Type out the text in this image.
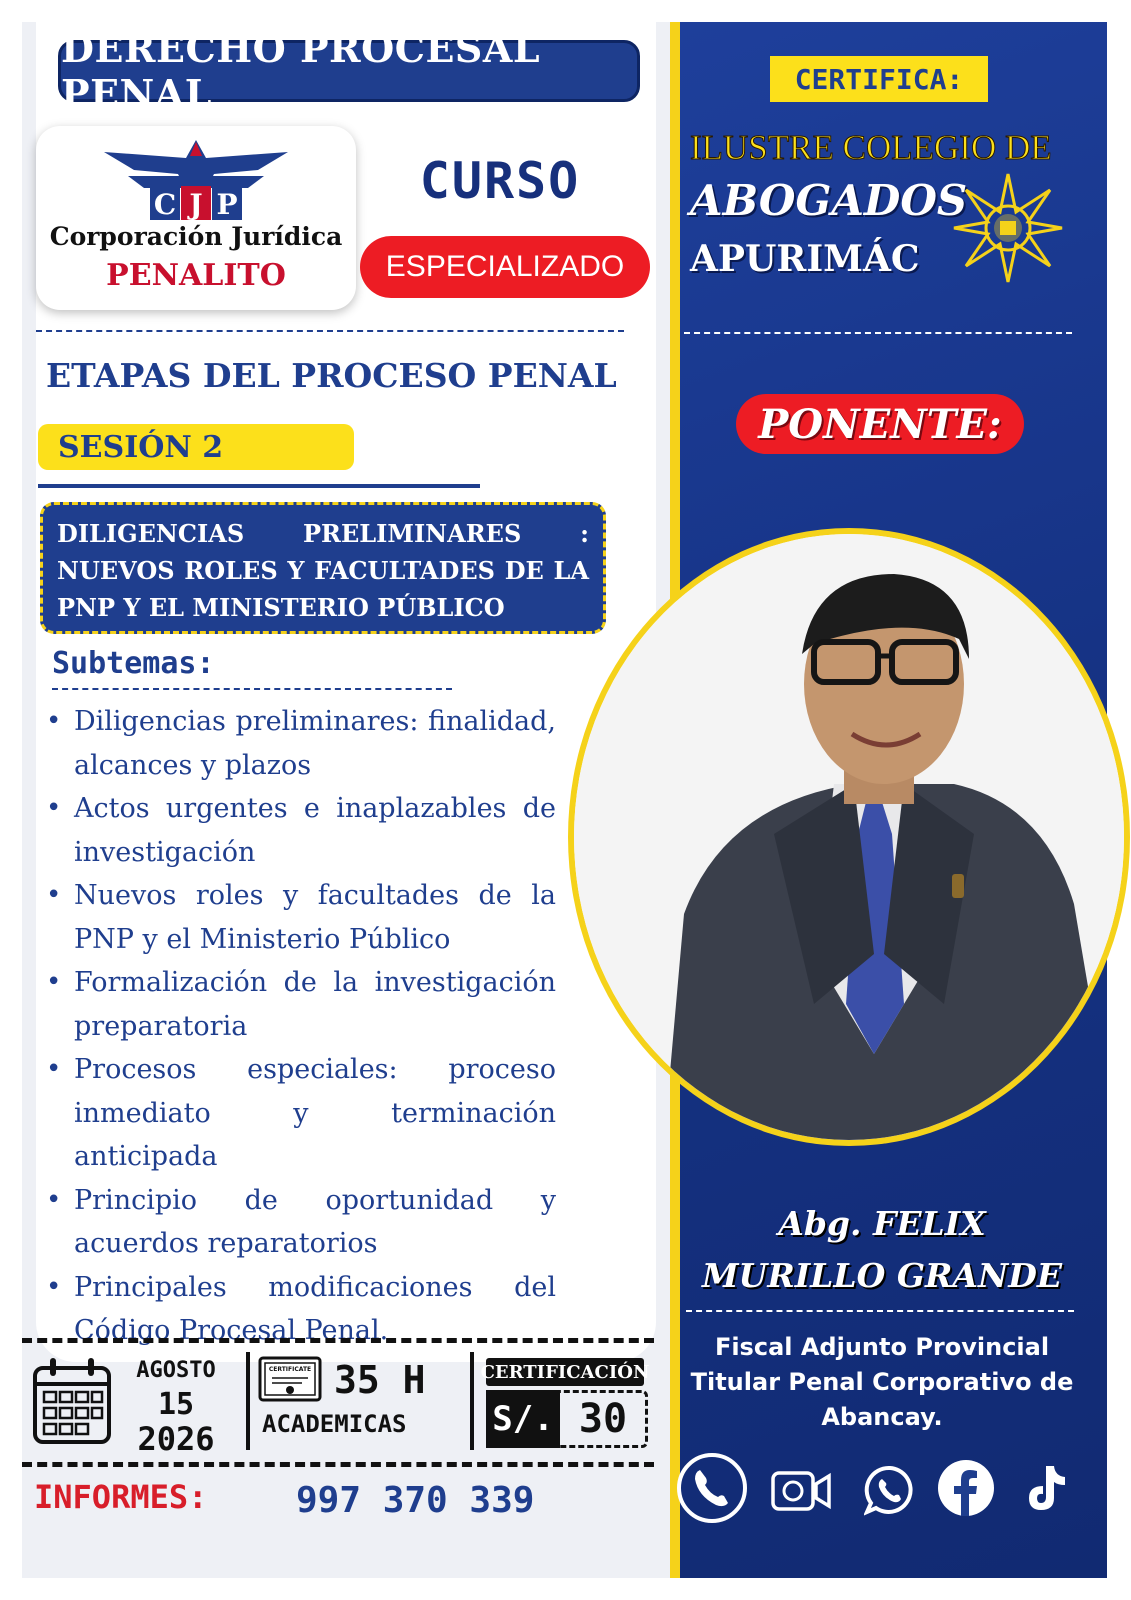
DERECHO PROCESAL PENAL
C J P
Corporación Jurídica
PENALITO
CURSO
ESPECIALIZADO
ETAPAS DEL PROCESO PENAL
SESIÓN 2
DILIGENCIAS PRELIMINARES : NUEVOS ROLES Y FACULTADES DE LA PNP Y EL MINISTERIO PÚBLICO
Subtemas:
• Diligencias preliminares: finalidad, alcances y plazos
• Actos urgentes e inaplazables de investigación
• Nuevos roles y facultades de la PNP y el Ministerio Público
• Formalización de la investigación preparatoria
• Procesos especiales: proceso inmediato y terminación anticipada
• Principio de oportunidad y acuerdos reparatorios
• Principales modificaciones del Código Procesal Penal.
AGOSTO
15
2026
CERTIFICATE 35 H
ACADEMICAS
CERTIFICACIÓN
S/. 30
INFORMES: 997 370 339
CERTIFICA:
ILUSTRE COLEGIO DE
ABOGADOS
APURIMÁC
PONENTE:
Abg. FELIX
MURILLO GRANDE
Fiscal Adjunto Provincial Titular Penal Corporativo de Abancay.
